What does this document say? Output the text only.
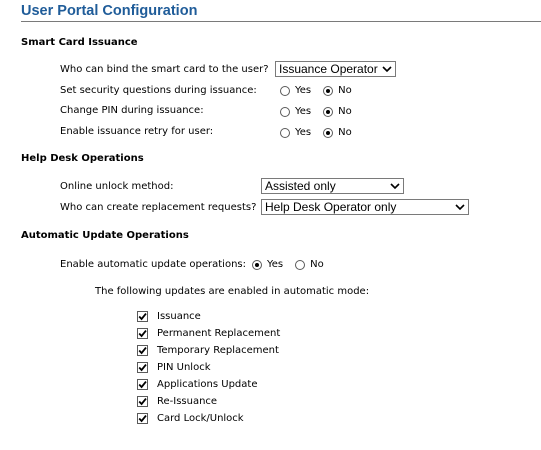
User Portal Configuration
Smart Card Issuance
Who can bind the smart card to the user? Issuance Operator
Set security questions during issuance:	Yes	No
Change PIN during issuance:	Yes	No
Enable issuance retry for user:	Yes	No
Help Desk Operations
Online unlock method:	Assisted only
Who can create replacement requests? Help Desk Operator only
Automatic Update Operations
Enable automatic update operations: Yes	No
The following updates are enabled in automatic mode:
Issuance
Permanent Replacement
Temporary Replacement
PIN Unlock
Applications Update
Re-Issuance
Card Lock/Unlock
